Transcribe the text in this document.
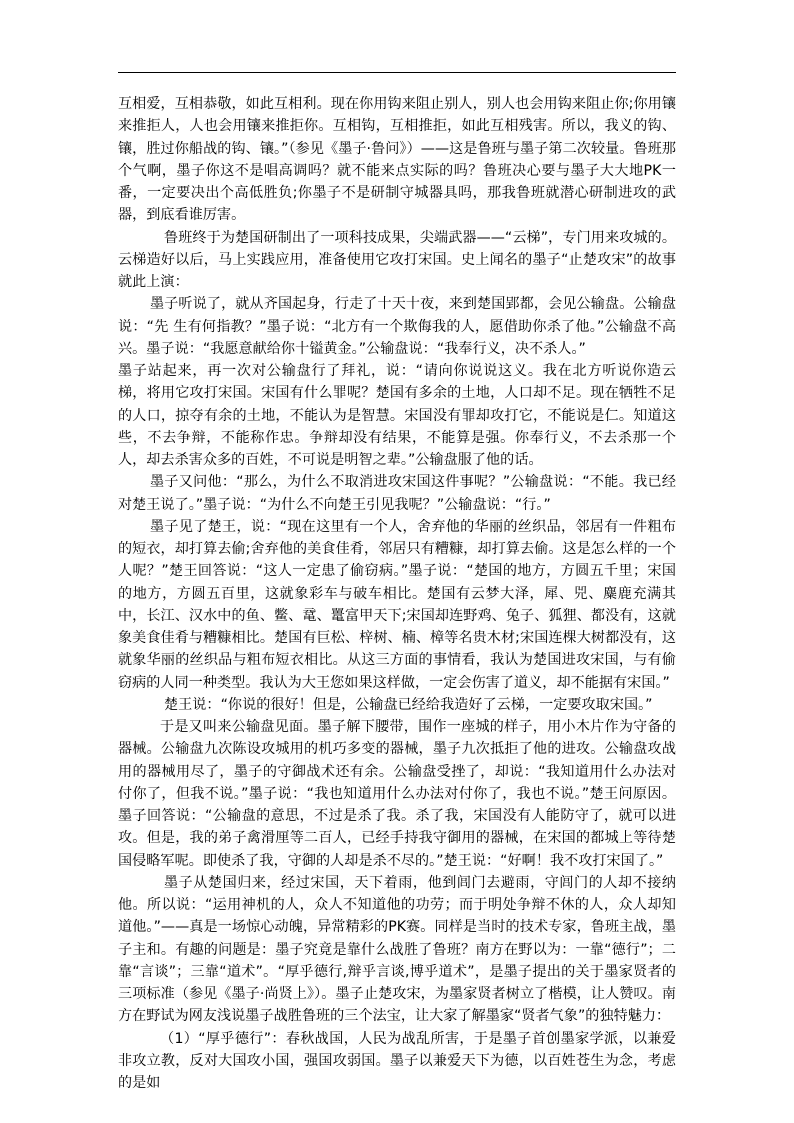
互相爱，互相恭敬，如此互相利。现在你用钩来阻止别人，别人也会用钩来阻止你;你用镶来推拒人，人也会用镶来推拒你。互相钩，互相推拒，如此互相残害。所以，我义的钩、镶，胜过你船战的钩、镶。”（参见《墨子·鲁问》）——这是鲁班与墨子第二次较量。鲁班那个气啊，墨子你这不是唱高调吗？就不能来点实际的吗？鲁班决心要与墨子大大地PK一番，一定要决出个高低胜负;你墨子不是研制守城器具吗，那我鲁班就潜心研制进攻的武器，到底看谁厉害。

鲁班终于为楚国研制出了一项科技成果，尖端武器——“云梯”，专门用来攻城的。云梯造好以后，马上实践应用，准备使用它攻打宋国。史上闻名的墨子“止楚攻宋”的故事就此上演：

墨子听说了，就从齐国起身，行走了十天十夜，来到楚国郢都，会见公输盘。公输盘说：“先 生有何指教？”墨子说：“北方有一个欺侮我的人，愿借助你杀了他。”公输盘不高兴。墨子说：“我愿意献给你十镒黄金。”公输盘说：“我奉行义，决不杀人。”

墨子站起来，再一次对公输盘行了拜礼，说：“请向你说说这义。我在北方听说你造云梯，将用它攻打宋国。宋国有什么罪呢？楚国有多余的土地，人口却不足。现在牺牲不足的人口，掠夺有余的土地，不能认为是智慧。宋国没有罪却攻打它，不能说是仁。知道这些，不去争辩，不能称作忠。争辩却没有结果，不能算是强。你奉行义，不去杀那一个人，却去杀害众多的百姓，不可说是明智之辈。”公输盘服了他的话。

墨子又问他：“那么，为什么不取消进攻宋国这件事呢？”公输盘说：“不能。我已经对楚王说了。”墨子说：“为什么不向楚王引见我呢？”公输盘说：“行。”

墨子见了楚王，说：“现在这里有一个人，舍弃他的华丽的丝织品，邻居有一件粗布的短衣，却打算去偷;舍弃他的美食佳肴，邻居只有糟糠，却打算去偷。这是怎么样的一个人呢？”楚王回答说：“这人一定患了偷窃病。”墨子说：“楚国的地方，方圆五千里；宋国的地方，方圆五百里，这就象彩车与破车相比。楚国有云梦大泽，犀、兕、麋鹿充满其中，长江、汉水中的鱼、鳖、鼋、鼍富甲天下;宋国却连野鸡、兔子、狐狸、都没有，这就象美食佳肴与糟糠相比。楚国有巨松、梓树、楠、樟等名贵木材;宋国连棵大树都没有，这就象华丽的丝织品与粗布短衣相比。从这三方面的事情看，我认为楚国进攻宋国，与有偷窃病的人同一种类型。我认为大王您如果这样做，一定会伤害了道义，却不能据有宋国。”

楚王说：“你说的很好！但是，公输盘已经给我造好了云梯，一定要攻取宋国。”

于是又叫来公输盘见面。墨子解下腰带，围作一座城的样子，用小木片作为守备的器械。公输盘九次陈设攻城用的机巧多变的器械，墨子九次抵拒了他的进攻。公输盘攻战用的器械用尽了，墨子的守御战术还有余。公输盘受挫了，却说：“我知道用什么办法对付你了，但我不说。”墨子说：“我也知道用什么办法对付你了，我也不说。”楚王问原因。墨子回答说：“公输盘的意思，不过是杀了我。杀了我，宋国没有人能防守了，就可以进攻。但是，我的弟子禽滑厘等二百人，已经手持我守御用的器械，在宋国的都城上等待楚国侵略军呢。即使杀了我，守御的人却是杀不尽的。”楚王说：“好啊！我不攻打宋国了。”

墨子从楚国归来，经过宋国，天下着雨，他到闾门去避雨，守闾门的人却不接纳他。所以说：“运用神机的人，众人不知道他的功劳；而于明处争辩不休的人，众人却知道他。”——真是一场惊心动魄，异常精彩的PK赛。同样是当时的技术专家，鲁班主战，墨子主和。有趣的问题是：墨子究竟是靠什么战胜了鲁班？南方在野以为：一靠“德行”；二靠“言谈”；三靠“道术”。“厚乎德行,辩乎言谈,博乎道术”，是墨子提出的关于墨家贤者的三项标准（参见《墨子·尚贤上》）。墨子止楚攻宋，为墨家贤者树立了楷模，让人赞叹。南方在野试为网友浅说墨子战胜鲁班的三个法宝，让大家了解墨家“贤者气象”的独特魅力：

（1）“厚乎德行”：春秋战国，人民为战乱所害，于是墨子首创墨家学派，以兼爱非攻立教，反对大国攻小国，强国攻弱国。墨子以兼爱天下为德，以百姓苍生为念，考虑的是如
